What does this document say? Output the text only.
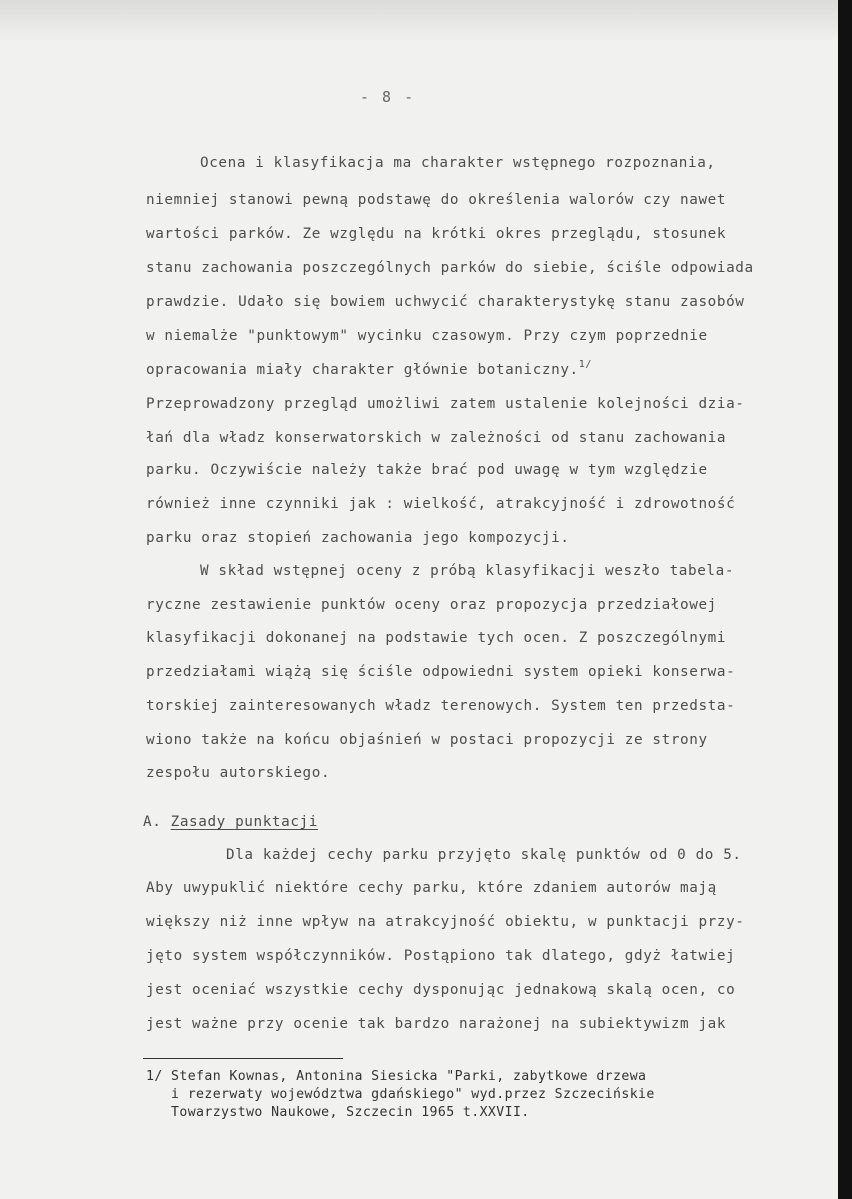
- 8 -
Ocena i klasyfikacja ma charakter wstępnego rozpoznania,
niemniej stanowi pewną podstawę do określenia walorów czy nawet
wartości parków. Ze względu na krótki okres przeglądu, stosunek
stanu zachowania poszczególnych parków do siebie, ściśle odpowiada
prawdzie. Udało się bowiem uchwycić charakterystykę stanu zasobów
w niemalże "punktowym" wycinku czasowym. Przy czym poprzednie
opracowania miały charakter głównie botaniczny.$^{1/}$
Przeprowadzony przegląd umożliwi zatem ustalenie kolejności dzia-
łań dla władz konserwatorskich w zależności od stanu zachowania
parku. Oczywiście należy także brać pod uwagę w tym względzie
również inne czynniki jak : wielkość, atrakcyjność i zdrowotność
parku oraz stopień zachowania jego kompozycji.
W skład wstępnej oceny z próbą klasyfikacji weszło tabela-
ryczne zestawienie punktów oceny oraz propozycja przedziałowej
klasyfikacji dokonanej na podstawie tych ocen. Z poszczególnymi
przedziałami wiążą się ściśle odpowiedni system opieki konserwa-
torskiej zainteresowanych władz terenowych. System ten przedsta-
wiono także na końcu objaśnień w postaci propozycji ze strony
zespołu autorskiego.
A. Zasady punktacji
Dla każdej cechy parku przyjęto skalę punktów od 0 do 5.
Aby uwypuklić niektóre cechy parku, które zdaniem autorów mają
większy niż inne wpływ na atrakcyjność obiektu, w punktacji przy-
jęto system współczynników. Postąpiono tak dlatego, gdyż łatwiej
jest oceniać wszystkie cechy dysponując jednakową skalą ocen, co
jest ważne przy ocenie tak bardzo narażonej na subiektywizm jak
1/ Stefan Kownas, Antonina Siesicka "Parki, zabytkowe drzewa
i rezerwaty województwa gdańskiego" wyd.przez Szczecińskie
Towarzystwo Naukowe, Szczecin 1965 t.XXVII.
